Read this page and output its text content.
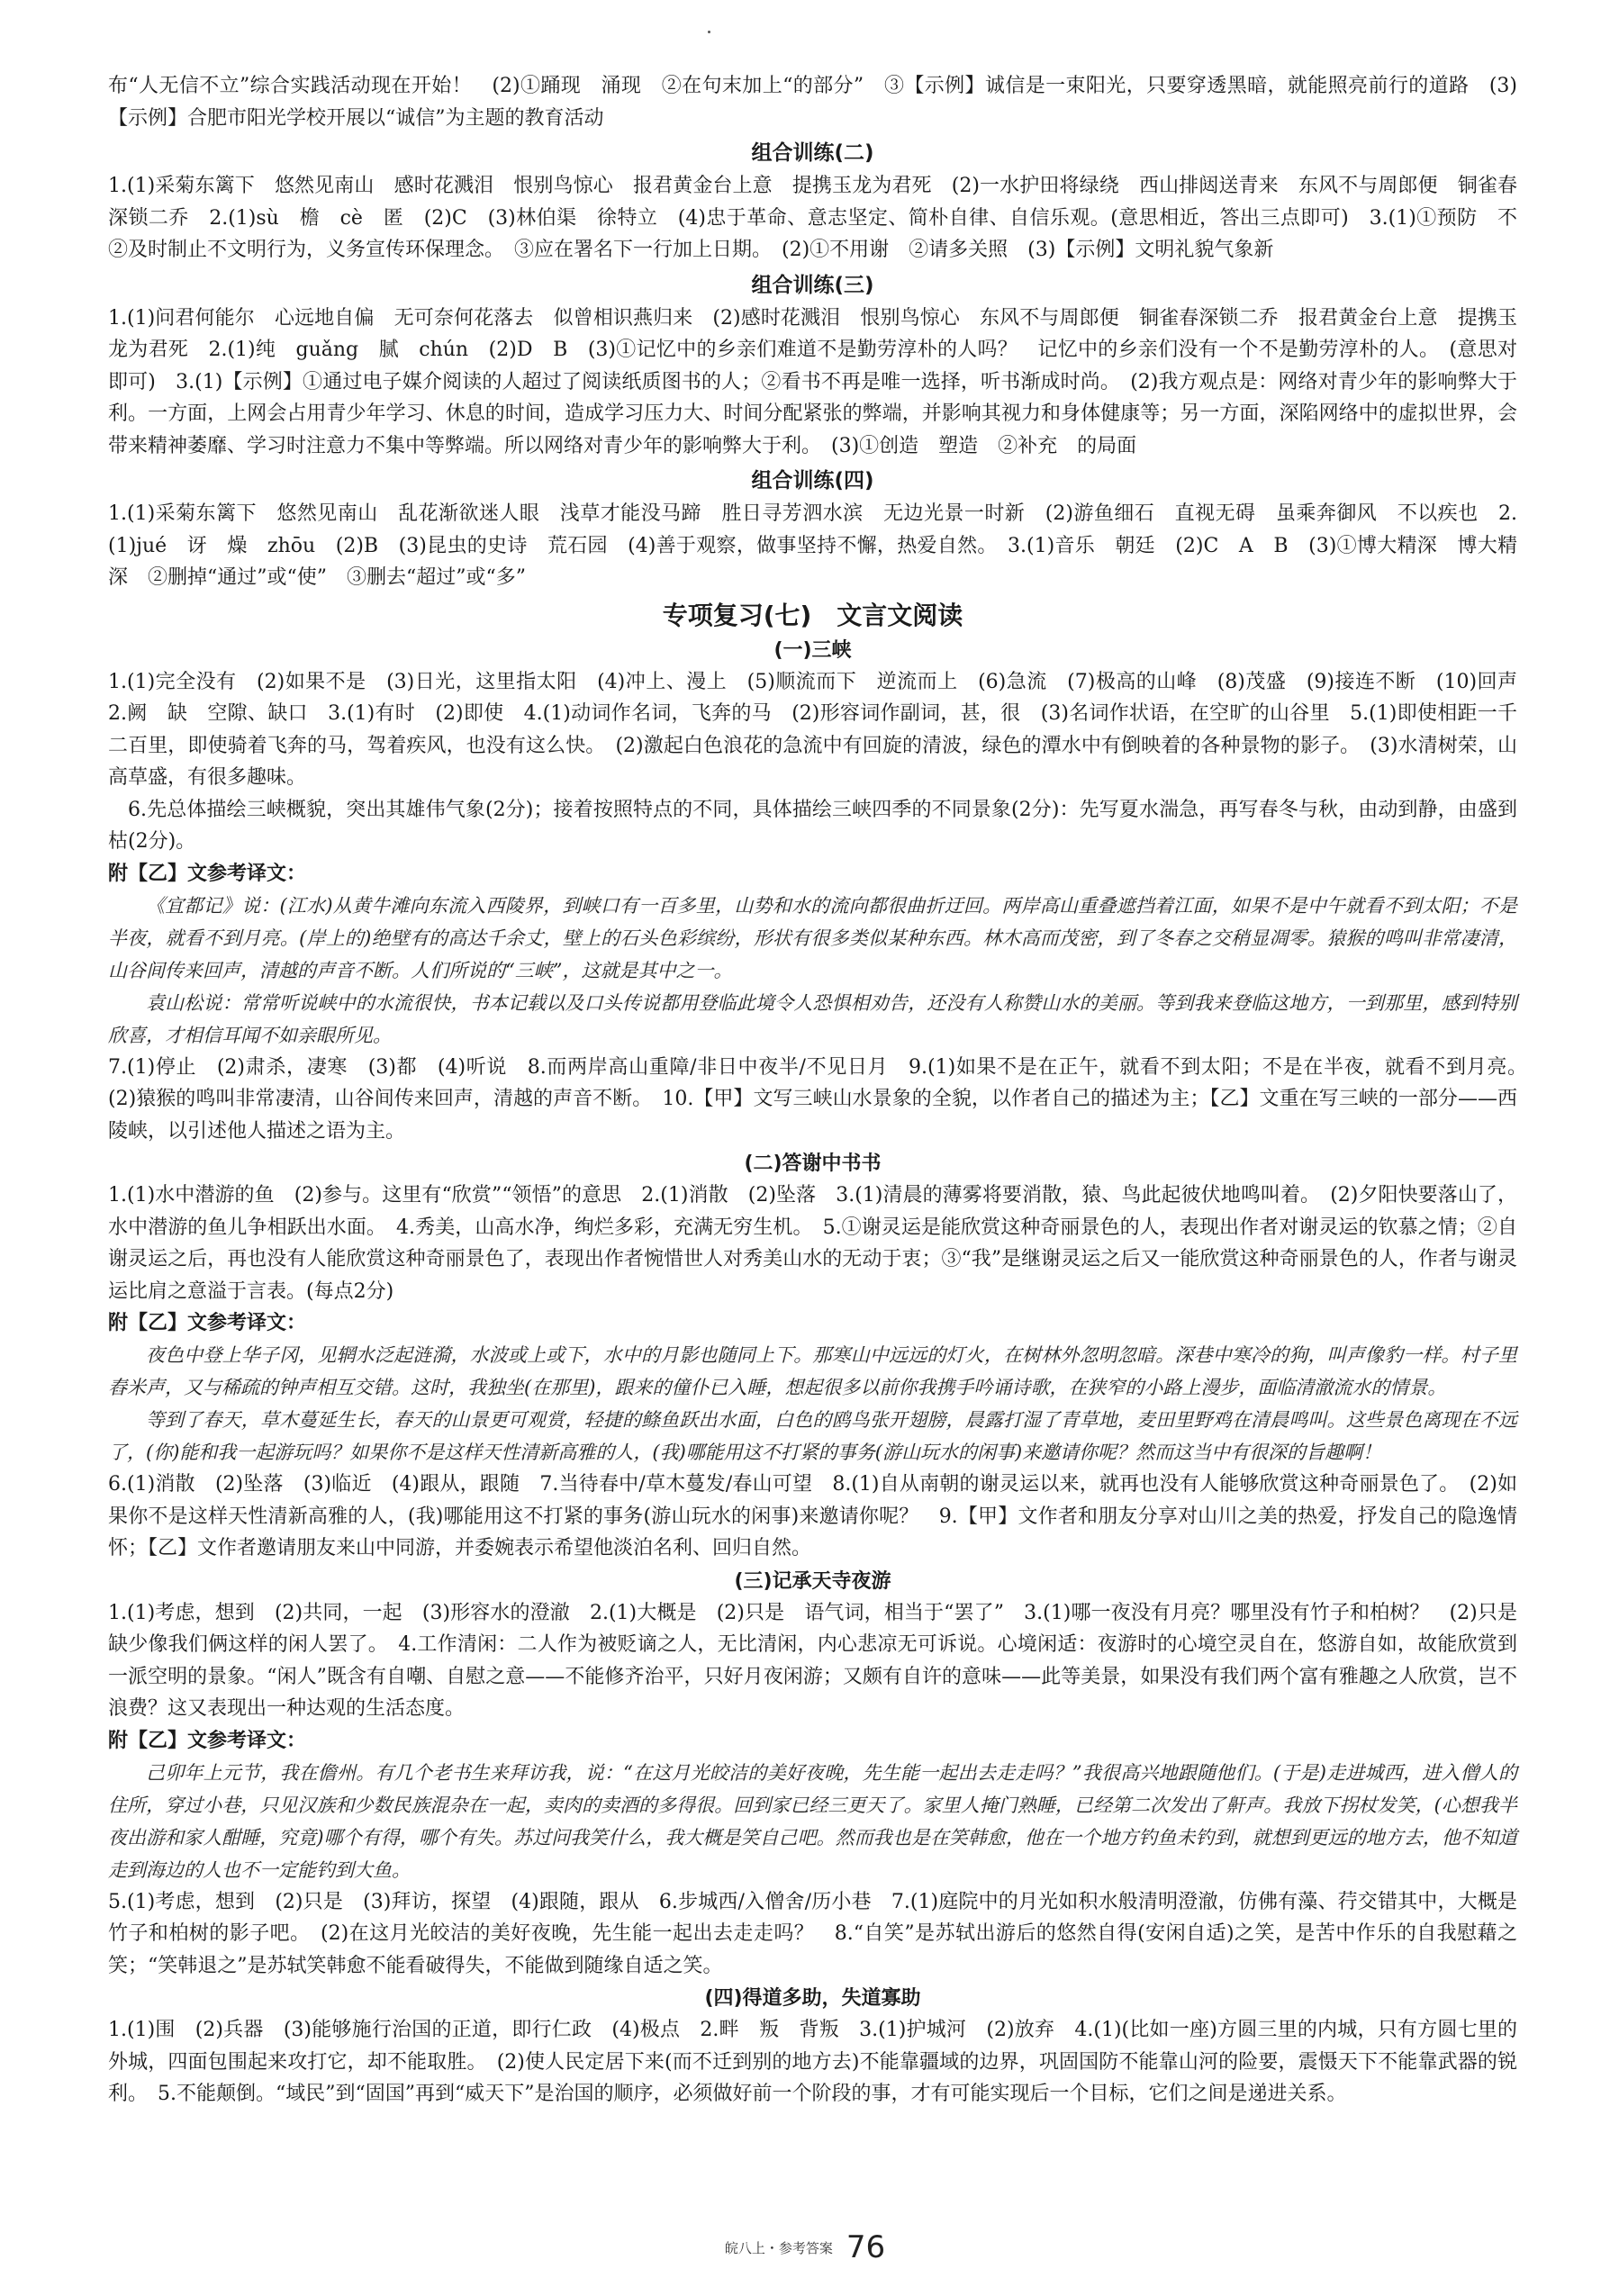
布“人无信不立”综合实践活动现在开始！　(2)①踊现　涌现　②在句末加上“的部分”　③【示例】诚信是一束阳光，只要穿透黑暗，就能照亮前行的道路　(3)【示例】合肥市阳光学校开展以“诚信”为主题的教育活动

组合训练(二)

1.(1)采菊东篱下　悠然见南山　感时花溅泪　恨别鸟惊心　报君黄金台上意　提携玉龙为君死　(2)一水护田将绿绕　西山排闼送青来　东风不与周郎便　铜雀春深锁二乔　2.(1)sù　檐　cè　匿　(2)C　(3)林伯渠　徐特立　(4)忠于革命、意志坚定、简朴自律、自信乐观。(意思相近，答出三点即可)　3.(1)①预防　不　②及时制止不文明行为，义务宣传环保理念。　③应在署名下一行加上日期。　(2)①不用谢　②请多关照　(3)【示例】文明礼貌气象新

组合训练(三)

1.(1)问君何能尔　心远地自偏　无可奈何花落去　似曾相识燕归来　(2)感时花溅泪　恨别鸟惊心　东风不与周郎便　铜雀春深锁二乔　报君黄金台上意　提携玉龙为君死　2.(1)纯　guǎng　腻　chún　(2)D　B　(3)①记忆中的乡亲们难道不是勤劳淳朴的人吗？　记忆中的乡亲们没有一个不是勤劳淳朴的人。　(意思对即可)　3.(1)【示例】①通过电子媒介阅读的人超过了阅读纸质图书的人；②看书不再是唯一选择，听书渐成时尚。　(2)我方观点是：网络对青少年的影响弊大于利。一方面，上网会占用青少年学习、休息的时间，造成学习压力大、时间分配紧张的弊端，并影响其视力和身体健康等；另一方面，深陷网络中的虚拟世界，会带来精神萎靡、学习时注意力不集中等弊端。所以网络对青少年的影响弊大于利。　(3)①创造　塑造　②补充　的局面

组合训练(四)

1.(1)采菊东篱下　悠然见南山　乱花渐欲迷人眼　浅草才能没马蹄　胜日寻芳泗水滨　无边光景一时新　(2)游鱼细石　直视无碍　虽乘奔御风　不以疾也　2.(1)jué　讶　燥　zhōu　(2)B　(3)昆虫的史诗　荒石园　(4)善于观察，做事坚持不懈，热爱自然。　3.(1)音乐　朝廷　(2)C　A　B　(3)①博大精深　博大精深　②删掉“通过”或“使”　③删去“超过”或“多”

专项复习(七)　文言文阅读
(一)三峡

1.(1)完全没有　(2)如果不是　(3)日光，这里指太阳　(4)冲上、漫上　(5)顺流而下　逆流而上　(6)急流　(7)极高的山峰　(8)茂盛　(9)接连不断　(10)回声　2.阙　缺　空隙、缺口　3.(1)有时　(2)即使　4.(1)动词作名词，飞奔的马　(2)形容词作副词，甚，很　(3)名词作状语，在空旷的山谷里　5.(1)即使相距一千二百里，即使骑着飞奔的马，驾着疾风，也没有这么快。　(2)激起白色浪花的急流中有回旋的清波，绿色的潭水中有倒映着的各种景物的影子。　(3)水清树荣，山高草盛，有很多趣味。

6.先总体描绘三峡概貌，突出其雄伟气象(2分)；接着按照特点的不同，具体描绘三峡四季的不同景象(2分)：先写夏水湍急，再写春冬与秋，由动到静，由盛到枯(2分)。

附【乙】文参考译文：

《宜都记》说：(江水)从黄牛滩向东流入西陵界，到峡口有一百多里，山势和水的流向都很曲折迂回。两岸高山重叠遮挡着江面，如果不是中午就看不到太阳；不是半夜，就看不到月亮。(岸上的)绝壁有的高达千余丈，壁上的石头色彩缤纷，形状有很多类似某种东西。林木高而茂密，到了冬春之交稍显凋零。猿猴的鸣叫非常凄清，山谷间传来回声，清越的声音不断。人们所说的“三峡”，这就是其中之一。

袁山松说：常常听说峡中的水流很快，书本记载以及口头传说都用登临此境令人恐惧相劝告，还没有人称赞山水的美丽。等到我来登临这地方，一到那里，感到特别欣喜，才相信耳闻不如亲眼所见。

7.(1)停止　(2)肃杀，凄寒　(3)都　(4)听说　8.而两岸高山重障/非日中夜半/不见日月　9.(1)如果不是在正午，就看不到太阳；不是在半夜，就看不到月亮。　(2)猿猴的鸣叫非常凄清，山谷间传来回声，清越的声音不断。　10.【甲】文写三峡山水景象的全貌，以作者自己的描述为主；【乙】文重在写三峡的一部分——西陵峡，以引述他人描述之语为主。

(二)答谢中书书

1.(1)水中潜游的鱼　(2)参与。这里有“欣赏”“领悟”的意思　2.(1)消散　(2)坠落　3.(1)清晨的薄雾将要消散，猿、鸟此起彼伏地鸣叫着。　(2)夕阳快要落山了，水中潜游的鱼儿争相跃出水面。　4.秀美，山高水净，绚烂多彩，充满无穷生机。　5.①谢灵运是能欣赏这种奇丽景色的人，表现出作者对谢灵运的钦慕之情；②自谢灵运之后，再也没有人能欣赏这种奇丽景色了，表现出作者惋惜世人对秀美山水的无动于衷；③“我”是继谢灵运之后又一能欣赏这种奇丽景色的人，作者与谢灵运比肩之意溢于言表。(每点2分)

附【乙】文参考译文：

夜色中登上华子冈，见辋水泛起涟漪，水波或上或下，水中的月影也随同上下。那寒山中远远的灯火，在树林外忽明忽暗。深巷中寒冷的狗，叫声像豹一样。村子里舂米声，又与稀疏的钟声相互交错。这时，我独坐(在那里)，跟来的僮仆已入睡，想起很多以前你我携手吟诵诗歌，在狭窄的小路上漫步，面临清澈流水的情景。

等到了春天，草木蔓延生长，春天的山景更可观赏，轻捷的鲦鱼跃出水面，白色的鸥鸟张开翅膀，晨露打湿了青草地，麦田里野鸡在清晨鸣叫。这些景色离现在不远了，(你)能和我一起游玩吗？如果你不是这样天性清新高雅的人，(我)哪能用这不打紧的事务(游山玩水的闲事)来邀请你呢？然而这当中有很深的旨趣啊！

6.(1)消散　(2)坠落　(3)临近　(4)跟从，跟随　7.当待春中/草木蔓发/春山可望　8.(1)自从南朝的谢灵运以来，就再也没有人能够欣赏这种奇丽景色了。　(2)如果你不是这样天性清新高雅的人，(我)哪能用这不打紧的事务(游山玩水的闲事)来邀请你呢？　9.【甲】文作者和朋友分享对山川之美的热爱，抒发自己的隐逸情怀；【乙】文作者邀请朋友来山中同游，并委婉表示希望他淡泊名利、回归自然。

(三)记承天寺夜游

1.(1)考虑，想到　(2)共同，一起　(3)形容水的澄澈　2.(1)大概是　(2)只是　语气词，相当于“罢了”　3.(1)哪一夜没有月亮？哪里没有竹子和柏树？　(2)只是缺少像我们俩这样的闲人罢了。　4.工作清闲：二人作为被贬谪之人，无比清闲，内心悲凉无可诉说。心境闲适：夜游时的心境空灵自在，悠游自如，故能欣赏到一派空明的景象。“闲人”既含有自嘲、自慰之意——不能修齐治平，只好月夜闲游；又颇有自许的意味——此等美景，如果没有我们两个富有雅趣之人欣赏，岂不浪费？这又表现出一种达观的生活态度。

附【乙】文参考译文：

己卯年上元节，我在儋州。有几个老书生来拜访我，说：“在这月光皎洁的美好夜晚，先生能一起出去走走吗？”我很高兴地跟随他们。(于是)走进城西，进入僧人的住所，穿过小巷，只见汉族和少数民族混杂在一起，卖肉的卖酒的多得很。回到家已经三更天了。家里人掩门熟睡，已经第二次发出了鼾声。我放下拐杖发笑，(心想我半夜出游和家人酣睡，究竟)哪个有得，哪个有失。苏过问我笑什么，我大概是笑自己吧。然而我也是在笑韩愈，他在一个地方钓鱼未钓到，就想到更远的地方去，他不知道走到海边的人也不一定能钓到大鱼。

5.(1)考虑，想到　(2)只是　(3)拜访，探望　(4)跟随，跟从　6.步城西/入僧舍/历小巷　7.(1)庭院中的月光如积水般清明澄澈，仿佛有藻、荇交错其中，大概是竹子和柏树的影子吧。　(2)在这月光皎洁的美好夜晚，先生能一起出去走走吗？　8.“自笑”是苏轼出游后的悠然自得(安闲自适)之笑，是苦中作乐的自我慰藉之笑；“笑韩退之”是苏轼笑韩愈不能看破得失，不能做到随缘自适之笑。

(四)得道多助，失道寡助

1.(1)围　(2)兵器　(3)能够施行治国的正道，即行仁政　(4)极点　2.畔　叛　背叛　3.(1)护城河　(2)放弃　4.(1)(比如一座)方圆三里的内城，只有方圆七里的外城，四面包围起来攻打它，却不能取胜。　(2)使人民定居下来(而不迁到别的地方去)不能靠疆域的边界，巩固国防不能靠山河的险要，震慑天下不能靠武器的锐利。　5.不能颠倒。“域民”到“固国”再到“威天下”是治国的顺序，必须做好前一个阶段的事，才有可能实现后一个目标，它们之间是递进关系。

皖八上・参考答案 76
